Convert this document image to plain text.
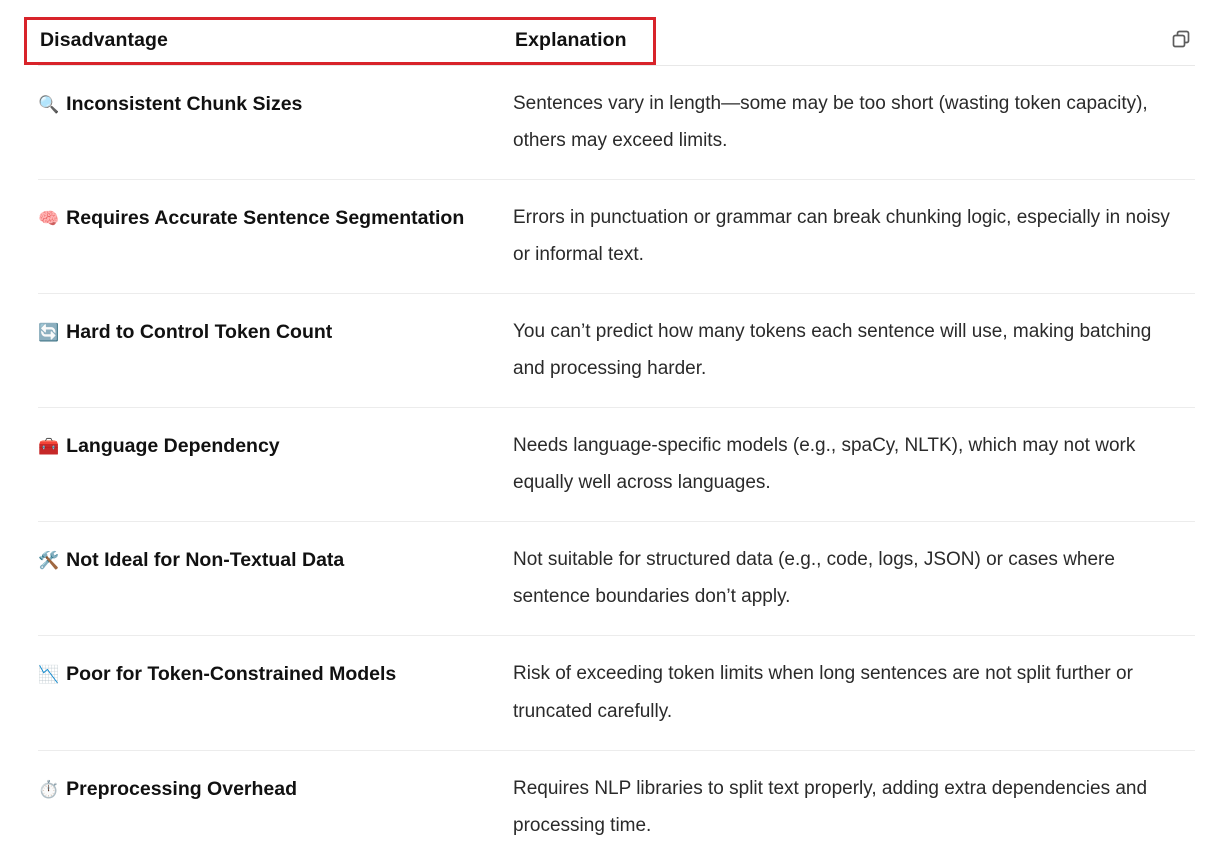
Disadvantage	Explanation
🔍 Inconsistent Chunk Sizes	Sentences vary in length—some may be too short (wasting token capacity), others may exceed limits.
🧠 Requires Accurate Sentence Segmentation	Errors in punctuation or grammar can break chunking logic, especially in noisy or informal text.
🔄 Hard to Control Token Count	You can’t predict how many tokens each sentence will use, making batching and processing harder.
🧰 Language Dependency	Needs language-specific models (e.g., spaCy, NLTK), which may not work equally well across languages.
🛠️ Not Ideal for Non-Textual Data	Not suitable for structured data (e.g., code, logs, JSON) or cases where sentence boundaries don’t apply.
📉 Poor for Token-Constrained Models	Risk of exceeding token limits when long sentences are not split further or truncated carefully.
⏱️ Preprocessing Overhead	Requires NLP libraries to split text properly, adding extra dependencies and processing time.
